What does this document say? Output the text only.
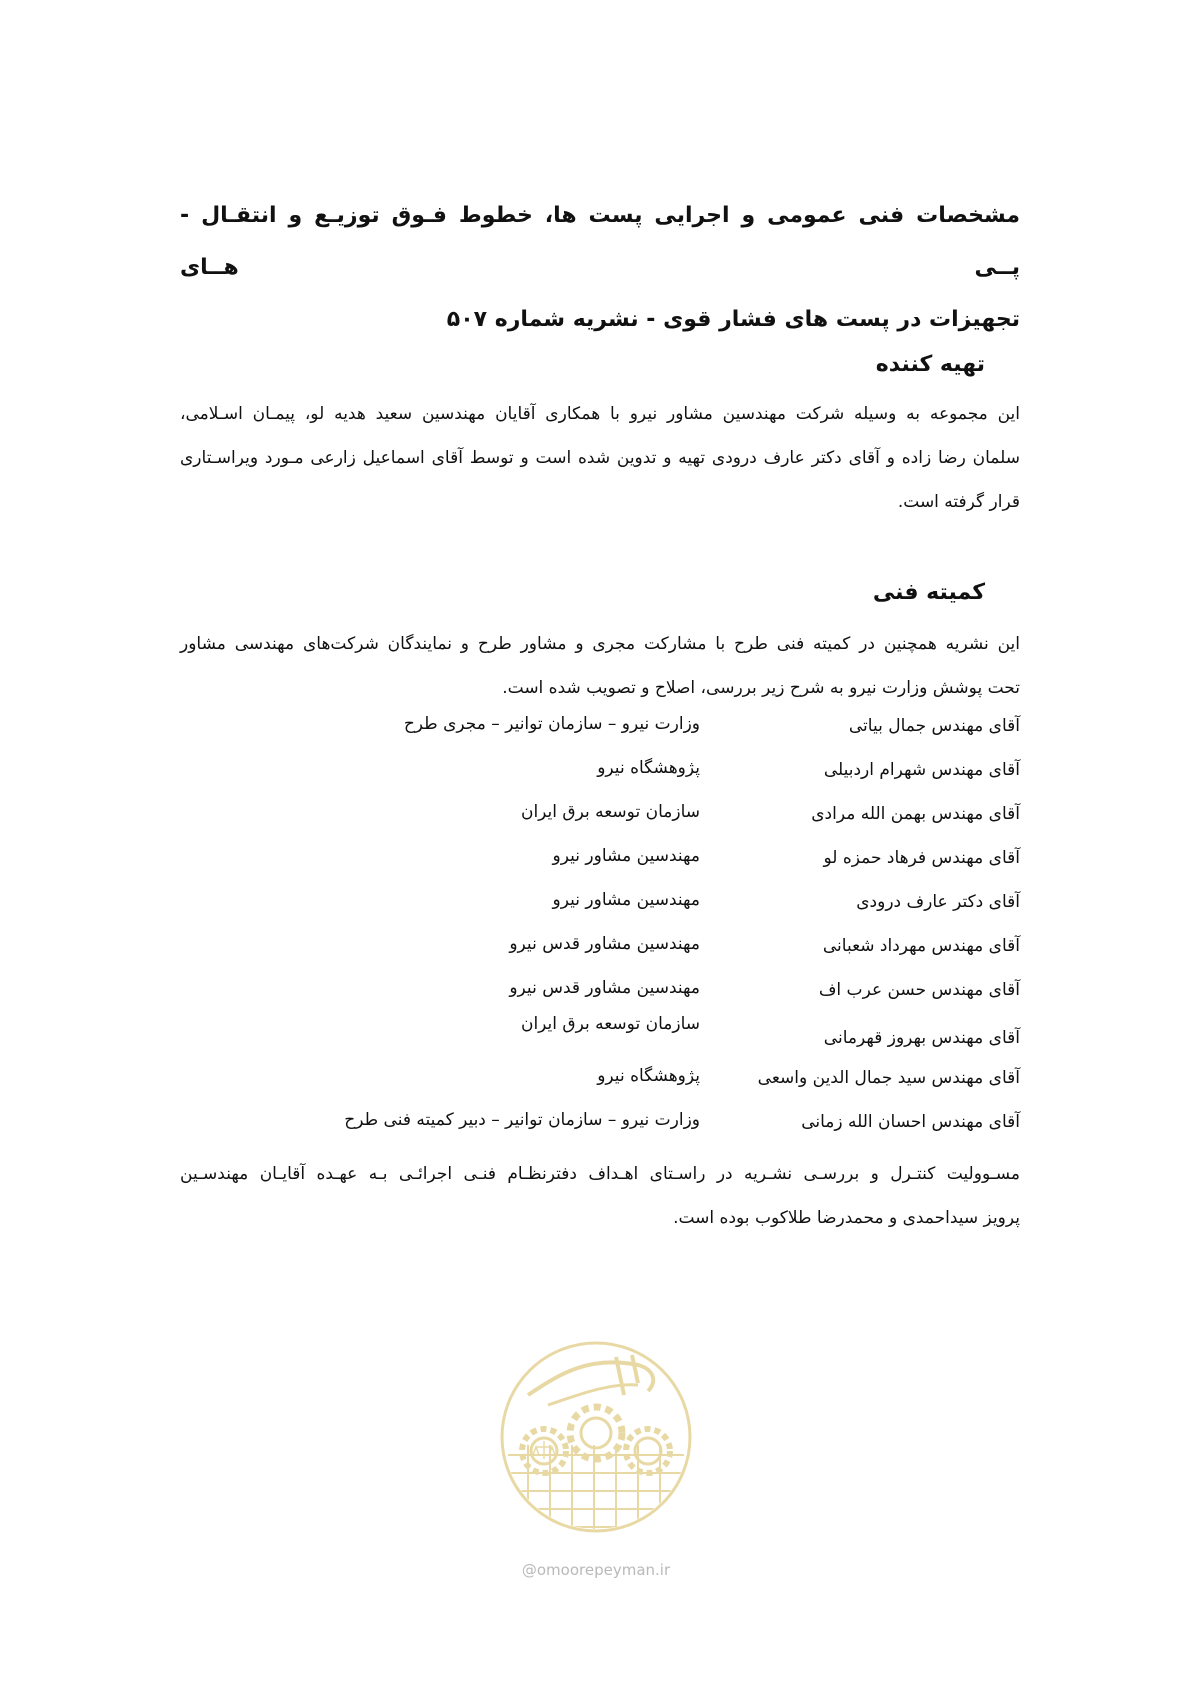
مشخصات فنی عمومی و اجرایی پست ها، خطوط فـوق توزیـع و انتقـال - پــی هــای
تجهیزات در پست های فشار قوی - نشریه شماره ۵۰۷
تهیه کننده
این مجموعه به وسیله شرکت مهندسین مشاور نیرو با همکاری آقایان مهندسین سعید هدیه لو، پیمـان اسـلامی،
سلمان رضا زاده و آقای دکتر عارف درودی تهیه و تدوین شده است و توسط آقای اسماعیل زارعی مـورد ویراسـتاری
قرار گرفته است.
کمیته فنی
این نشریه همچنین در کمیته فنی طرح با مشارکت مجری و مشاور طرح و نمایندگان شرکت‌های مهندسی مشاور
تحت پوشش وزارت نیرو به شرح زیر بررسی، اصلاح و تصویب شده است.
آقای مهندس جمال بیاتی
وزارت نیرو – سازمان توانیر – مجری طرح
آقای مهندس شهرام اردبیلی
پژوهشگاه نیرو
آقای مهندس بهمن الله مرادی
سازمان توسعه برق ایران
آقای مهندس فرهاد حمزه لو
مهندسین مشاور نیرو
آقای دکتر عارف درودی
مهندسین مشاور نیرو
آقای مهندس مهرداد شعبانی
مهندسین مشاور قدس نیرو
آقای مهندس حسن عرب اف
مهندسین مشاور قدس نیرو
آقای مهندس بهروز قهرمانی
سازمان توسعه برق ایران
آقای مهندس سید جمال الدین واسعی
پژوهشگاه نیرو
آقای مهندس احسان الله زمانی
وزارت نیرو – سازمان توانیر – دبیر کمیته فنی طرح
مسـوولیت کنتـرل و بررسـی نشـریه در راسـتای اهـداف دفترنظـام فنـی اجرائـی بـه عهـده آقایـان مهندسـین
پرویز سیداحمدی و محمدرضا طلاکوب بوده است.
@omoorepeyman.ir
